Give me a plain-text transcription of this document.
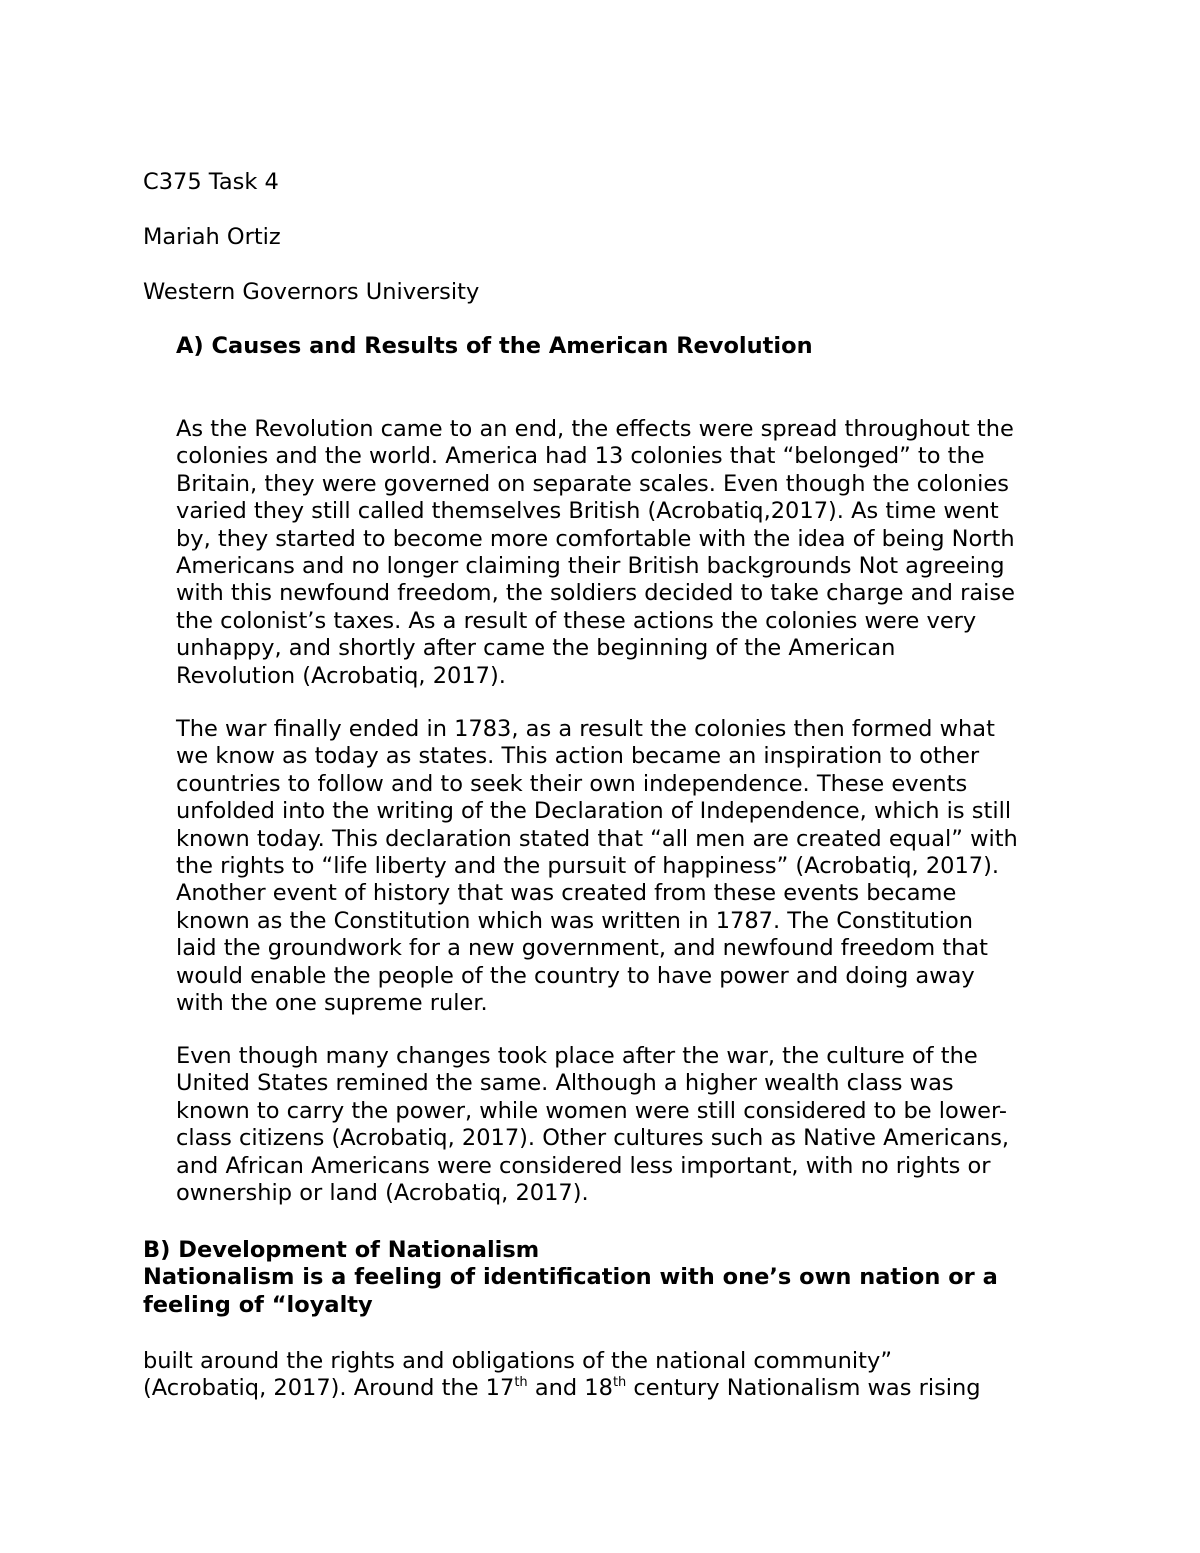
C375 Task 4

Mariah Ortiz

Western Governors University

A) Causes and Results of the American Revolution

As the Revolution came to an end, the effects were spread throughout the
colonies and the world. America had 13 colonies that “belonged” to the
Britain, they were governed on separate scales. Even though the colonies
varied they still called themselves British (Acrobatiq,2017). As time went
by, they started to become more comfortable with the idea of being North
Americans and no longer claiming their British backgrounds Not agreeing
with this newfound freedom, the soldiers decided to take charge and raise
the colonist’s taxes. As a result of these actions the colonies were very
unhappy, and shortly after came the beginning of the American
Revolution (Acrobatiq, 2017).
The war finally ended in 1783, as a result the colonies then formed what
we know as today as states. This action became an inspiration to other
countries to follow and to seek their own independence. These events
unfolded into the writing of the Declaration of Independence, which is still
known today. This declaration stated that “all men are created equal” with
the rights to “life liberty and the pursuit of happiness” (Acrobatiq, 2017).
Another event of history that was created from these events became
known as the Constitution which was written in 1787. The Constitution
laid the groundwork for a new government, and newfound freedom that
would enable the people of the country to have power and doing away
with the one supreme ruler.
Even though many changes took place after the war, the culture of the
United States remined the same. Although a higher wealth class was
known to carry the power, while women were still considered to be lower-
class citizens (Acrobatiq, 2017). Other cultures such as Native Americans,
and African Americans were considered less important, with no rights or
ownership or land (Acrobatiq, 2017).
B) Development of Nationalism
Nationalism is a feeling of identification with one’s own nation or a
feeling of “loyalty
built around the rights and obligations of the national community”
(Acrobatiq, 2017). Around the 17th and 18th century Nationalism was rising
